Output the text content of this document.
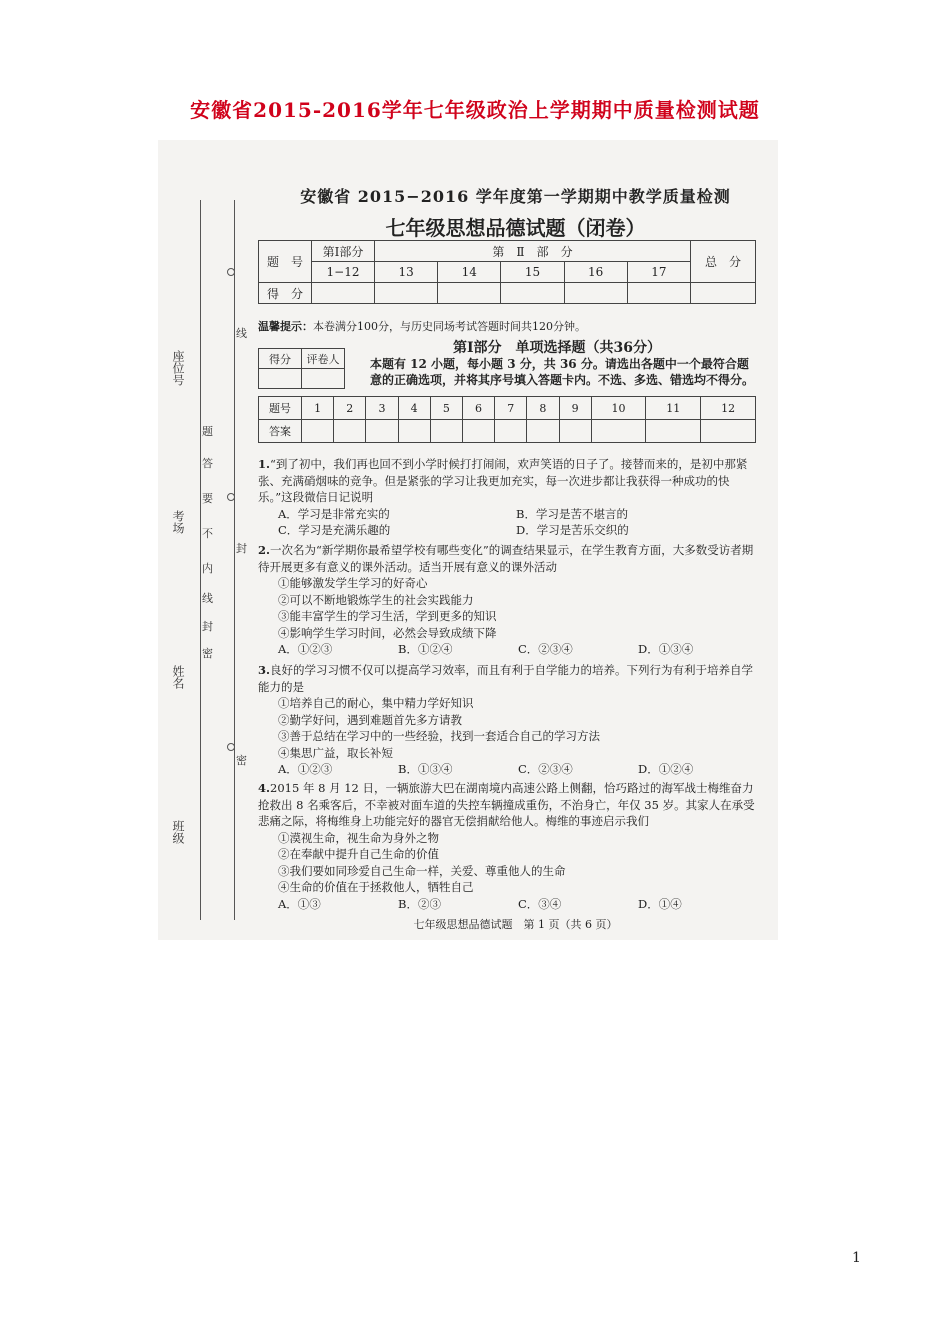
安徽省2015-2016学年七年级政治上学期期中质量检测试题
座位号
考场
姓名
班级
密
封
线
内
不
要
答
题
线
封
密
安徽省 2015−2016 学年度第一学期期中教学质量检测
七年级思想品德试题（闭卷）
题　号	第Ⅰ部分	第　Ⅱ　部　分					总　分
	1−12	13	14	15	16	17	
得　分							
温馨提示：本卷满分100分，与历史同场考试答题时间共120分钟。
得分	评卷人

第Ⅰ部分　单项选择题（共36分）
本题有 12 小题，每小题 3 分，共 36 分。请选出各题中一个最符合题意的正确选项，并将其序号填入答题卡内。不选、多选、错选均不得分。
题号	1	2	3	4	5	6	7	8	9	10	11	12
答案												

1.“到了初中，我们再也回不到小学时候打打闹闹，欢声笑语的日子了。接替而来的，是初中那紧张、充满硝烟味的竞争。但是紧张的学习让我更加充实，每一次进步都让我获得一种成功的快乐。”这段微信日记说明

A．学习是非常充实的	B．学习是苦不堪言的
C．学习是充满乐趣的	D．学习是苦乐交织的

2.一次名为“新学期你最希望学校有哪些变化”的调查结果显示，在学生教育方面，大多数受访者期待开展更多有意义的课外活动。适当开展有意义的课外活动

①能够激发学生学习的好奇心
②可以不断地锻炼学生的社会实践能力
③能丰富学生的学习生活，学到更多的知识
④影响学生学习时间，必然会导致成绩下降
A．①②③	B．①②④	C．②③④	D．①③④

3.良好的学习习惯不仅可以提高学习效率，而且有利于自学能力的培养。下列行为有利于培养自学能力的是

①培养自己的耐心，集中精力学好知识
②勤学好问，遇到难题首先多方请教
③善于总结在学习中的一些经验，找到一套适合自己的学习方法
④集思广益，取长补短
A．①②③	B．①③④	C．②③④	D．①②④

4.2015 年 8 月 12 日，一辆旅游大巴在湖南境内高速公路上侧翻，恰巧路过的海军战士梅维奋力抢救出 8 名乘客后，不幸被对面车道的失控车辆撞成重伤，不治身亡，年仅 35 岁。其家人在承受悲痛之际，将梅维身上功能完好的器官无偿捐献给他人。梅维的事迹启示我们

①漠视生命，视生命为身外之物
②在奉献中提升自己生命的价值
③我们要如同珍爱自己生命一样，关爱、尊重他人的生命
④生命的价值在于拯救他人，牺牲自己
A．①③	B．②③	C．③④	D．①④
七年级思想品德试题　第 1 页（共 6 页）
1
